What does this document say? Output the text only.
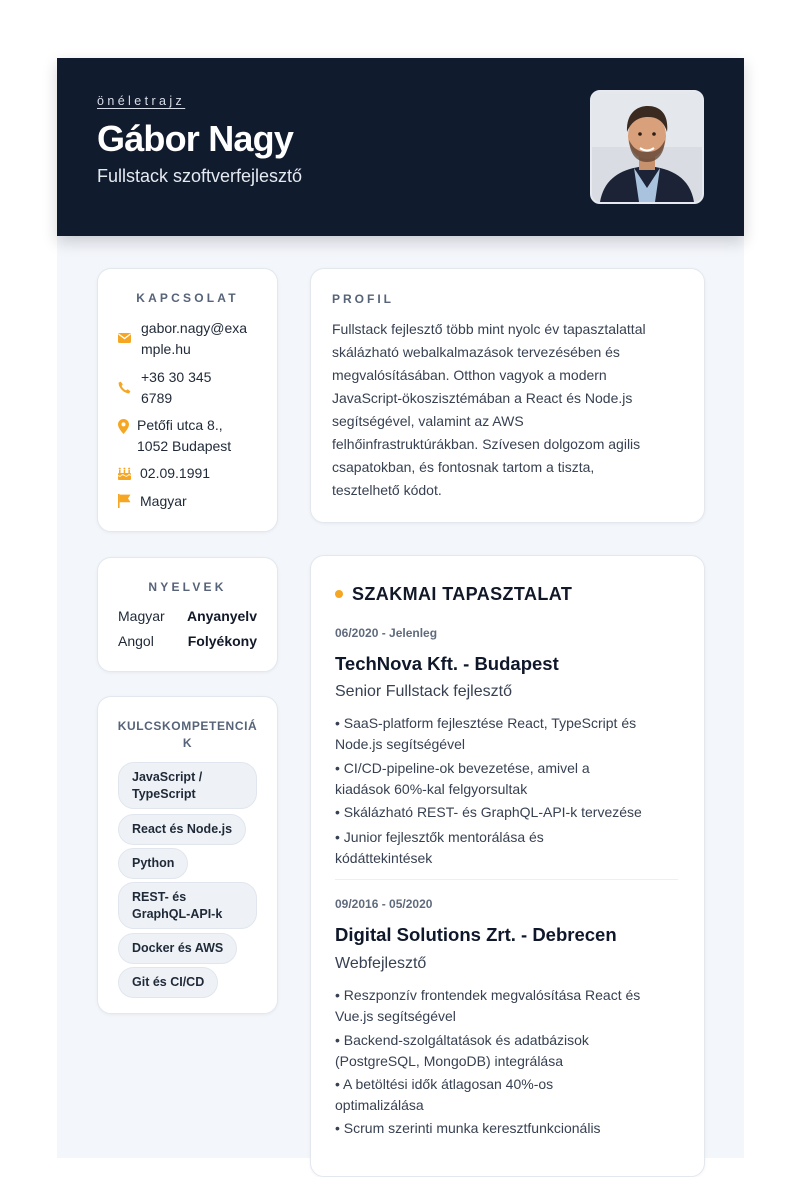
önéletrajz
Gábor Nagy
Fullstack szoftverfejlesztő
KAPCSOLAT
gabor.nagy@exa
mple.hu
+36 30 345
6789
Petőfi utca 8.,
1052 Budapest
02.09.1991
Magyar
NYELVEK
Magyar Anyanyelv
Angol Folyékony
KULCSKOMPETENCIÁ
K
JavaScript /
TypeScript
React és Node.js
Python
REST- és
GraphQL-API-k
Docker és AWS
Git és CI/CD
PROFIL
Fullstack fejlesztő több mint nyolc év tapasztalattal
skálázható webalkalmazások tervezésében és
megvalósításában. Otthon vagyok a modern
JavaScript-ökoszisztémában a React és Node.js
segítségével, valamint az AWS
felhőinfrastruktúrákban. Szívesen dolgozom agilis
csapatokban, és fontosnak tartom a tiszta,
tesztelhető kódot.
SZAKMAI TAPASZTALAT
06/2020 - Jelenleg
TechNova Kft. - Budapest
Senior Fullstack fejlesztő
• SaaS-platform fejlesztése React, TypeScript és
Node.js segítségével
• CI/CD-pipeline-ok bevezetése, amivel a
kiadások 60%-kal felgyorsultak
• Skálázható REST- és GraphQL-API-k tervezése
• Junior fejlesztők mentorálása és
kódáttekintések
09/2016 - 05/2020
Digital Solutions Zrt. - Debrecen
Webfejlesztő
• Reszponzív frontendek megvalósítása React és
Vue.js segítségével
• Backend-szolgáltatások és adatbázisok
(PostgreSQL, MongoDB) integrálása
• A betöltési idők átlagosan 40%-os
optimalizálása
• Scrum szerinti munka keresztfunkcionális
